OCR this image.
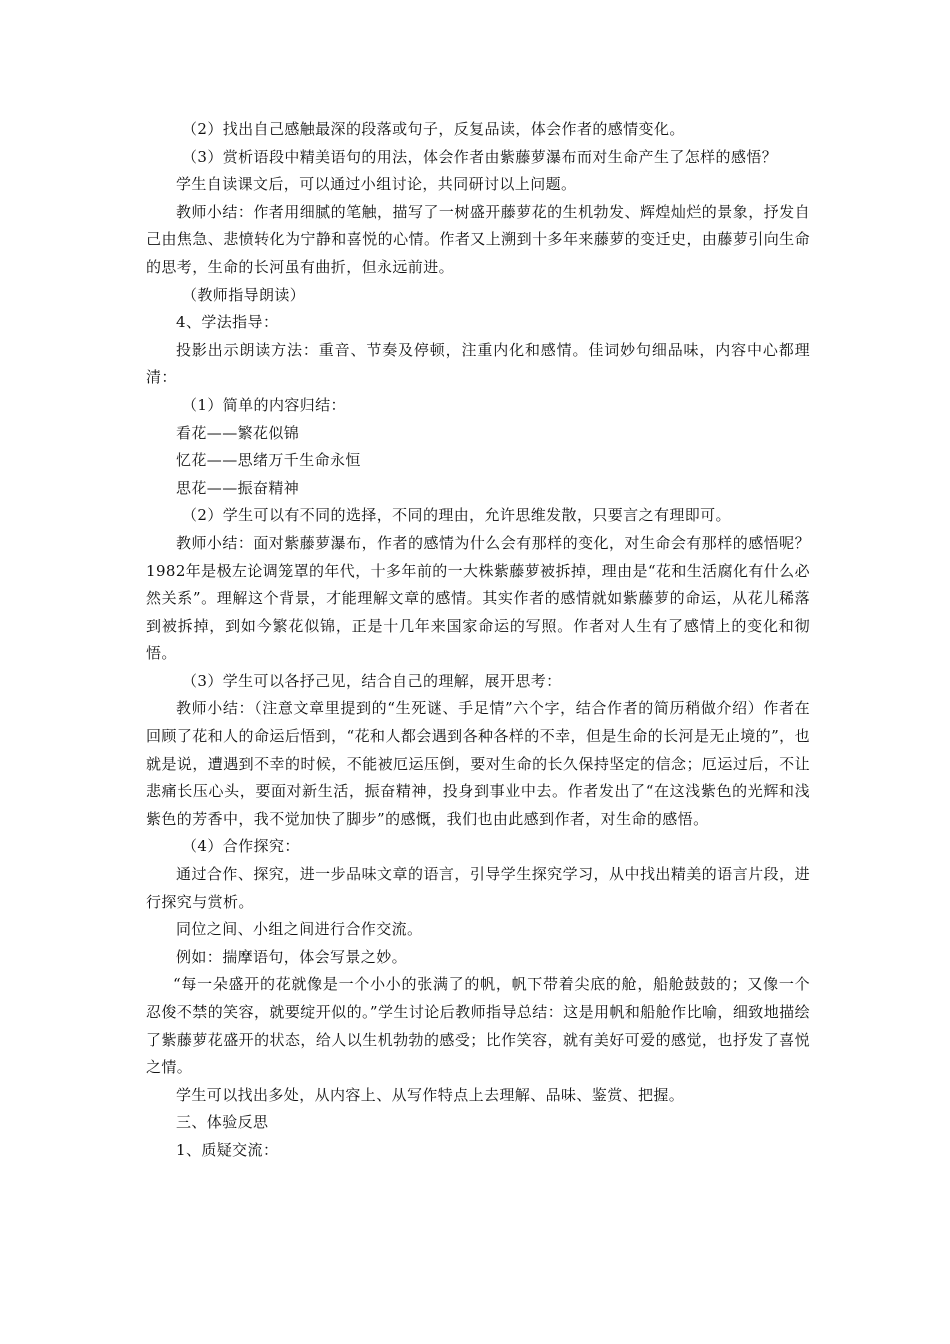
（2）找出自己感触最深的段落或句子，反复品读，体会作者的感情变化。

（3）赏析语段中精美语句的用法，体会作者由紫藤萝瀑布而对生命产生了怎样的感悟？

学生自读课文后，可以通过小组讨论，共同研讨以上问题。

教师小结：作者用细腻的笔触，描写了一树盛开藤萝花的生机勃发、辉煌灿烂的景象，抒发自己由焦急、悲愤转化为宁静和喜悦的心情。作者又上溯到十多年来藤萝的变迁史，由藤萝引向生命的思考，生命的长河虽有曲折，但永远前进。

（教师指导朗读）

4、学法指导：

投影出示朗读方法：重音、节奏及停顿，注重内化和感情。佳词妙句细品味，内容中心都理清：

（1）简单的内容归结：

看花——繁花似锦

忆花——思绪万千生命永恒

思花——振奋精神

（2）学生可以有不同的选择，不同的理由，允许思维发散，只要言之有理即可。

教师小结：面对紫藤萝瀑布，作者的感情为什么会有那样的变化，对生命会有那样的感悟呢？1982年是极左论调笼罩的年代，十多年前的一大株紫藤萝被拆掉，理由是“花和生活腐化有什么必然关系”。理解这个背景，才能理解文章的感情。其实作者的感情就如紫藤萝的命运，从花儿稀落到被拆掉，到如今繁花似锦，正是十几年来国家命运的写照。作者对人生有了感情上的变化和彻悟。

（3）学生可以各抒己见，结合自己的理解，展开思考：

教师小结：（注意文章里提到的“生死谜、手足情”六个字，结合作者的简历稍做介绍）作者在回顾了花和人的命运后悟到，“花和人都会遇到各种各样的不幸，但是生命的长河是无止境的”，也就是说，遭遇到不幸的时候，不能被厄运压倒，要对生命的长久保持坚定的信念；厄运过后，不让悲痛长压心头，要面对新生活，振奋精神，投身到事业中去。作者发出了“在这浅紫色的光辉和浅紫色的芳香中，我不觉加快了脚步”的感慨，我们也由此感到作者，对生命的感悟。

（4）合作探究：

通过合作、探究，进一步品味文章的语言，引导学生探究学习，从中找出精美的语言片段，进行探究与赏析。

同位之间、小组之间进行合作交流。

例如：揣摩语句，体会写景之妙。

“每一朵盛开的花就像是一个小小的张满了的帆，帆下带着尖底的舱，船舱鼓鼓的；又像一个忍俊不禁的笑容，就要绽开似的。”学生讨论后教师指导总结：这是用帆和船舱作比喻，细致地描绘了紫藤萝花盛开的状态，给人以生机勃勃的感受；比作笑容，就有美好可爱的感觉，也抒发了喜悦之情。

学生可以找出多处，从内容上、从写作特点上去理解、品味、鉴赏、把握。

三、体验反思

1、质疑交流：
